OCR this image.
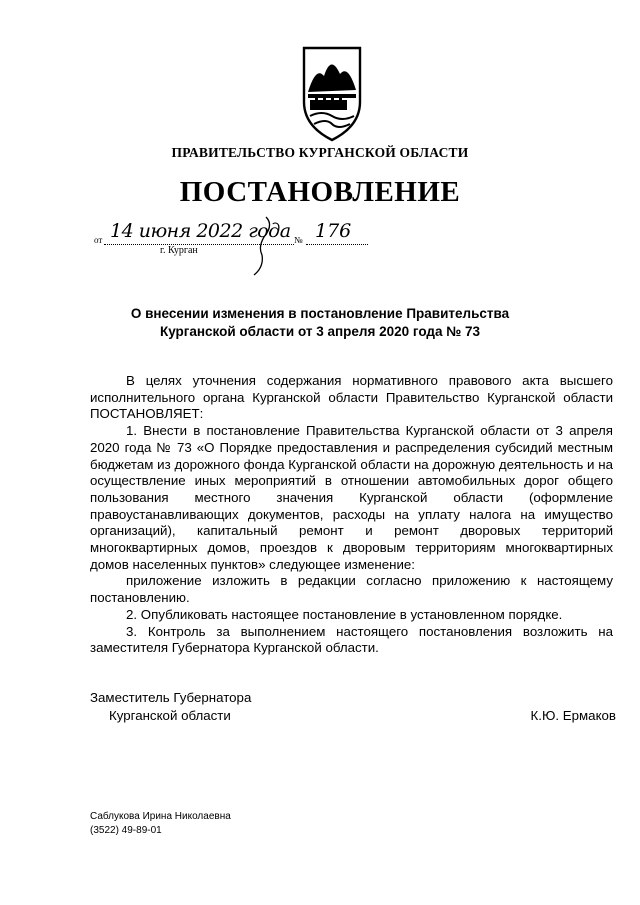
ПРАВИТЕЛЬСТВО КУРГАНСКОЙ ОБЛАСТИ
ПОСТАНОВЛЕНИЕ
от 14 июня 2022 года № 176
г. Курган
О внесении изменения в постановление Правительства
Курганской области от 3 апреля 2020 года № 73

В целях уточнения содержания нормативного правового акта высшего исполнительного органа Курганской области Правительство Курганской области ПОСТАНОВЛЯЕТ:

1. Внести в постановление Правительства Курганской области от 3 апреля 2020 года № 73 «О Порядке предоставления и распределения субсидий местным бюджетам из дорожного фонда Курганской области на дорожную деятельность и на осуществление иных мероприятий в отношении автомобильных дорог общего пользования местного значения Курганской области (оформление правоустанавливающих документов, расходы на уплату налога на имущество организаций), капитальный ремонт и ремонт дворовых территорий многоквартирных домов, проездов к дворовым территориям многоквартирных домов населенных пунктов» следующее изменение:

приложение изложить в редакции согласно приложению к настоящему постановлению.

2. Опубликовать настоящее постановление в установленном порядке.

3. Контроль за выполнением настоящего постановления возложить на заместителя Губернатора Курганской области.

Заместитель Губернатора
Курганской области	К.Ю. Ермаков
Саблукова Ирина Николаевна
(3522) 49-89-01
